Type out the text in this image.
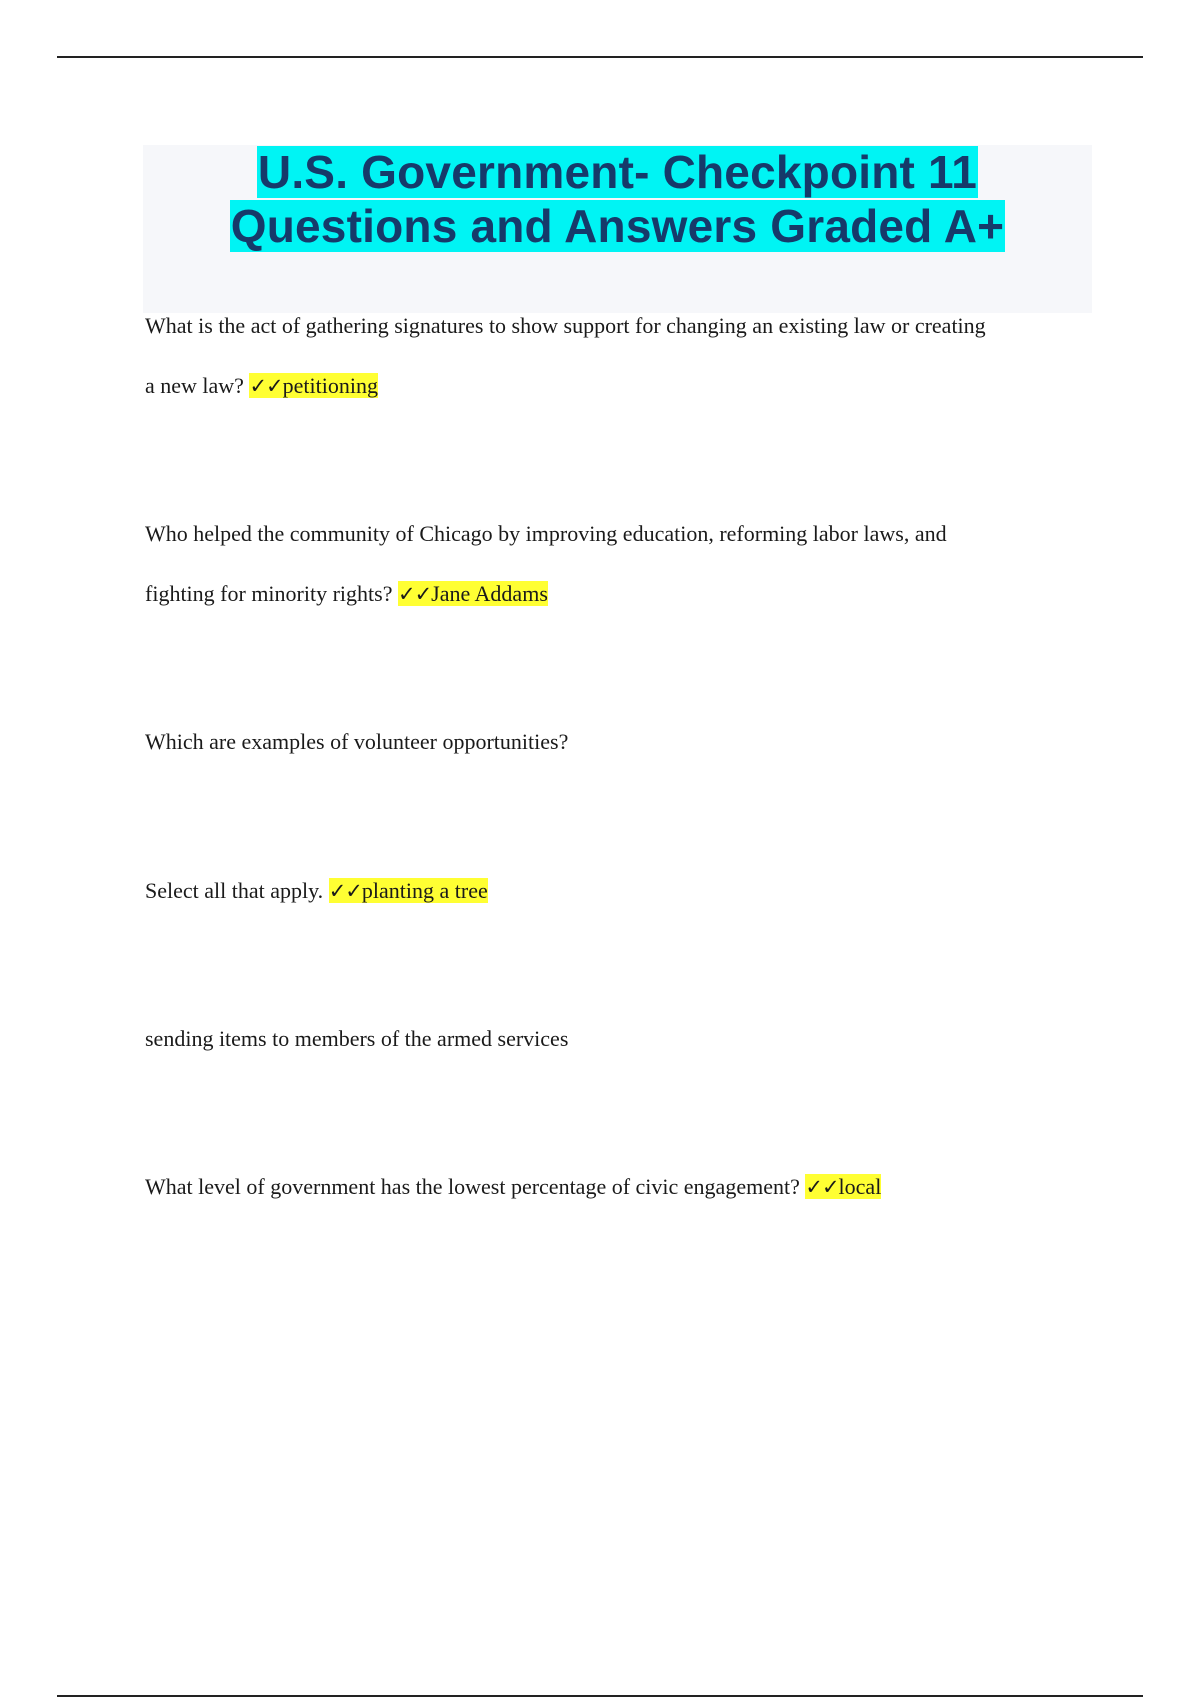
U.S. Government- Checkpoint 11
Questions and Answers Graded A+
What is the act of gathering signatures to show support for changing an existing law or creating
a new law? ✓✓petitioning
Who helped the community of Chicago by improving education, reforming labor laws, and
fighting for minority rights? ✓✓Jane Addams
Which are examples of volunteer opportunities?
Select all that apply. ✓✓planting a tree
sending items to members of the armed services
What level of government has the lowest percentage of civic engagement? ✓✓local
